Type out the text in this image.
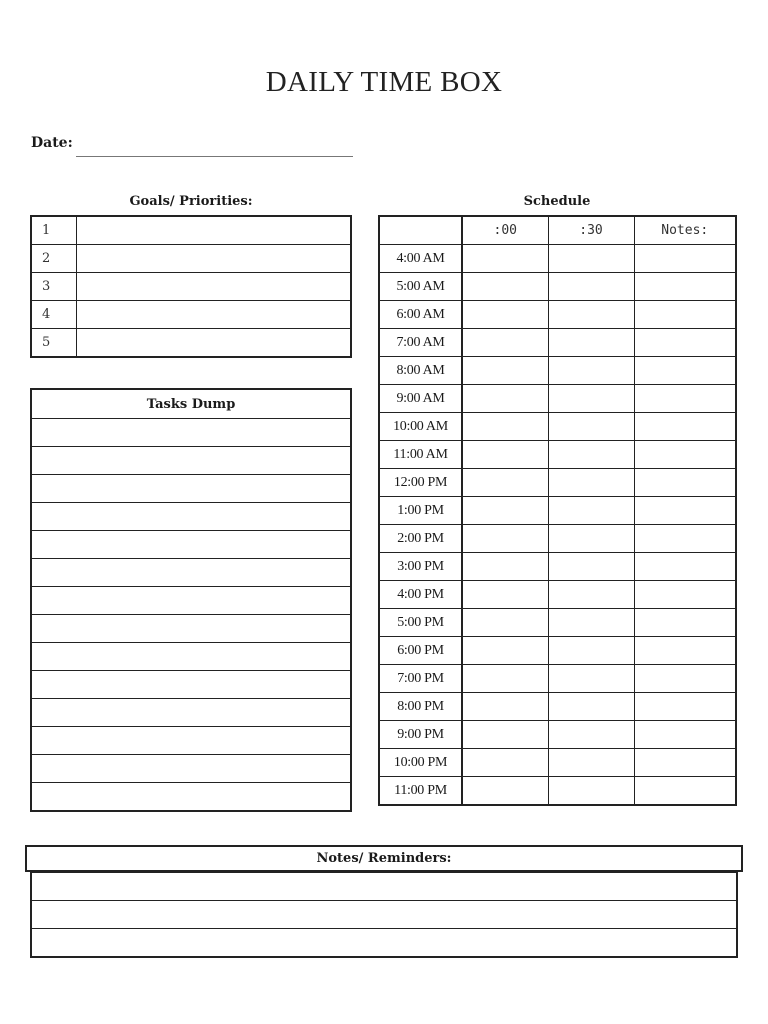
DAILY TIME BOX
Date:
Goals/ Priorities:
1	
2	
3	
4	
5	
Tasks Dump

Schedule
	:00	:30	Notes:
4:00 AM			
5:00 AM			
6:00 AM			
7:00 AM			
8:00 AM			
9:00 AM			
10:00 AM			
11:00 AM			
12:00 PM			
1:00 PM			
2:00 PM			
3:00 PM			
4:00 PM			
5:00 PM			
6:00 PM			
7:00 PM			
8:00 PM			
9:00 PM			
10:00 PM			
11:00 PM			
Notes/ Reminders:
